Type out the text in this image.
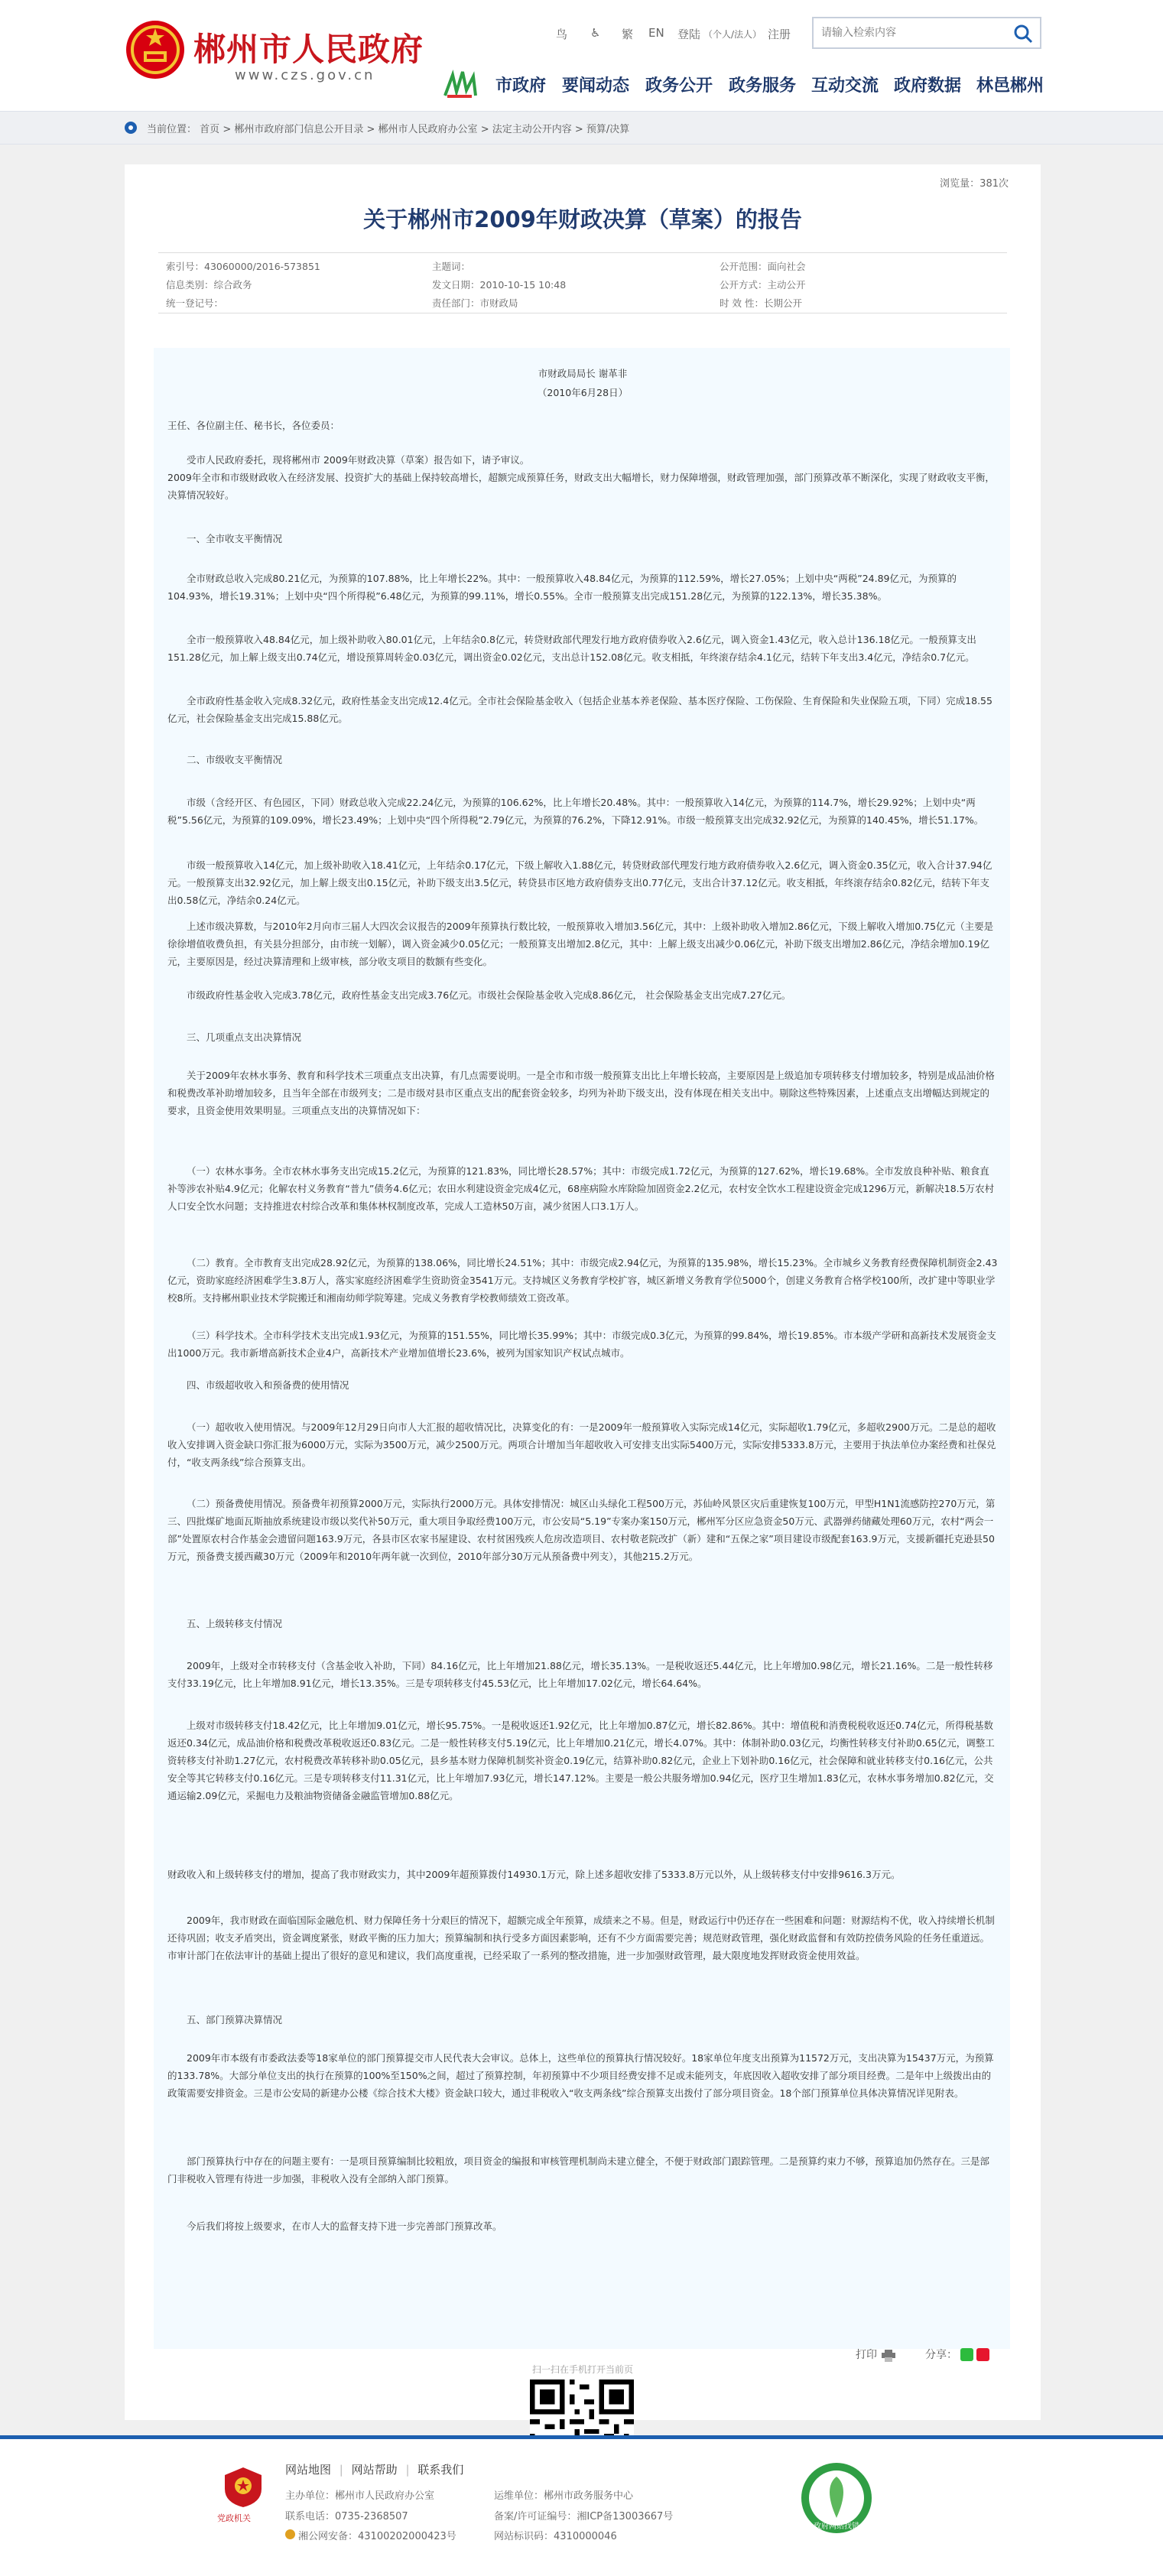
郴州市人民政府
www.czs.gov.cn
⻦ ♿ 繁 EN 登陆 （个人/法人） 注册
请输入检索内容
市政府 要闻动态 政务公开 政务服务 互动交流 政府数据 林邑郴州
当前位置： 首页 > 郴州市政府部门信息公开目录 > 郴州市人民政府办公室 > 法定主动公开内容 > 预算/决算
浏览量：381次
关于郴州市2009年财政决算（草案）的报告
索引号：43060000/2016-573851	主题词：	公开范围：面向社会
信息类别：综合政务	发文日期：2010-10-15 10:48	公开方式：主动公开
统一登记号：	责任部门：市财政局	时 效 性：长期公开
市财政局局长 谢革非
（2010年6月28日）
王任、各位副主任、秘书长，各位委员：
受市人民政府委托，现将郴州市 2009年财政决算（草案）报告如下，请予审议。
2009年全市和市级财政收入在经济发展、投资扩大的基础上保持较高增长，超额完成预算任务，财政支出大幅增长，财力保障增强，财政管理加强，部门预算改革不断深化，实现了财政收支平衡，决算情况较好。
一、全市收支平衡情况
全市财政总收入完成80.21亿元，为预算的107.88%，比上年增长22%。其中：一般预算收入48.84亿元，为预算的112.59%，增长27.05%；上划中央“两税”24.89亿元，为预算的104.93%，增长19.31%；上划中央“四个所得税”6.48亿元，为预算的99.11%，增长0.55%。全市一般预算支出完成151.28亿元，为预算的122.13%，增长35.38%。
全市一般预算收入48.84亿元，加上级补助收入80.01亿元，上年结余0.8亿元，转贷财政部代理发行地方政府债券收入2.6亿元，调入资金1.43亿元，收入总计136.18亿元。一般预算支出151.28亿元，加上解上级支出0.74亿元，增设预算周转金0.03亿元，调出资金0.02亿元，支出总计152.08亿元。收支相抵，年终滚存结余4.1亿元，结转下年支出3.4亿元，净结余0.7亿元。
全市政府性基金收入完成8.32亿元，政府性基金支出完成12.4亿元。全市社会保险基金收入（包括企业基本养老保险、基本医疗保险、工伤保险、生育保险和失业保险五项，下同）完成18.55亿元，社会保险基金支出完成15.88亿元。
二、市级收支平衡情况
市级（含经开区、有色园区，下同）财政总收入完成22.24亿元，为预算的106.62%，比上年增长20.48%。其中：一般预算收入14亿元，为预算的114.7%，增长29.92%；上划中央“两税”5.56亿元，为预算的109.09%，增长23.49%；上划中央“四个所得税”2.79亿元，为预算的76.2%，下降12.91%。市级一般预算支出完成32.92亿元，为预算的140.45%，增长51.17%。
市级一般预算收入14亿元，加上级补助收入18.41亿元，上年结余0.17亿元，下级上解收入1.88亿元，转贷财政部代理发行地方政府债券收入2.6亿元，调入资金0.35亿元，收入合计37.94亿元。一般预算支出32.92亿元，加上解上级支出0.15亿元，补助下级支出3.5亿元，转贷县市区地方政府债券支出0.77亿元，支出合计37.12亿元。收支相抵，年终滚存结余0.82亿元，结转下年支出0.58亿元，净结余0.24亿元。
上述市级决算数，与2010年2月向市三届人大四次会议报告的2009年预算执行数比较，一般预算收入增加3.56亿元，其中：上级补助收入增加2.86亿元，下级上解收入增加0.75亿元（主要是徐徐增值收费负担，有关县分担部分，由市统一划解），调入资金减少0.05亿元；一般预算支出增加2.8亿元，其中：上解上级支出减少0.06亿元，补助下级支出增加2.86亿元，净结余增加0.19亿元，主要原因是，经过决算清理和上级审核，部分收支项目的数额有些变化。
市级政府性基金收入完成3.78亿元，政府性基金支出完成3.76亿元。市级社会保险基金收入完成8.86亿元， 社会保险基金支出完成7.27亿元。
三、几项重点支出决算情况
关于2009年农林水事务、教育和科学技术三项重点支出决算，有几点需要说明。一是全市和市级一般预算支出比上年增长较高，主要原因是上级追加专项转移支付增加较多，特别是成品油价格和税费改革补助增加较多，且当年全部在市级列支；二是市级对县市区重点支出的配套资金较多，均列为补助下级支出，没有体现在相关支出中。剔除这些特殊因素，上述重点支出增幅达到规定的要求，且资金使用效果明显。三项重点支出的决算情况如下：
（一）农林水事务。全市农林水事务支出完成15.2亿元，为预算的121.83%，同比增长28.57%；其中：市级完成1.72亿元，为预算的127.62%，增长19.68%。全市发放良种补贴、粮食直补等涉农补贴4.9亿元；化解农村义务教育“普九”债务4.6亿元；农田水利建设资金完成4亿元，68座病险水库除险加固资金2.2亿元，农村安全饮水工程建设资金完成1296万元，新解决18.5万农村人口安全饮水问题；支持推进农村综合改革和集体林权制度改革，完成人工造林50万亩，减少贫困人口3.1万人。
（二）教育。全市教育支出完成28.92亿元，为预算的138.06%，同比增长24.51%；其中：市级完成2.94亿元，为预算的135.98%，增长15.23%。全市城乡义务教育经费保障机制资金2.43亿元，资助家庭经济困难学生3.8万人，落实家庭经济困难学生资助资金3541万元。支持城区义务教育学校扩容，城区新增义务教育学位5000个，创建义务教育合格学校100所，改扩建中等职业学校8所。支持郴州职业技术学院搬迁和湘南幼师学院筹建。完成义务教育学校教师绩效工资改革。
（三）科学技术。全市科学技术支出完成1.93亿元，为预算的151.55%，同比增长35.99%；其中：市级完成0.3亿元，为预算的99.84%，增长19.85%。市本级产学研和高新技术发展资金支出1000万元。我市新增高新技术企业4户，高新技术产业增加值增长23.6%，被列为国家知识产权试点城市。
四、市级超收收入和预备费的使用情况
（一）超收收入使用情况。与2009年12月29日向市人大汇报的超收情况比，决算变化的有：一是2009年一般预算收入实际完成14亿元，实际超收1.79亿元，多超收2900万元。二是总的超收收入安排调入资金缺口弥汇报为6000万元，实际为3500万元，减少2500万元。两项合计增加当年超收收入可安排支出实际5400万元，实际安排5333.8万元，主要用于执法单位办案经费和社保兑付，“收支两条线”综合预算支出。
（二）预备费使用情况。预备费年初预算2000万元，实际执行2000万元。具体安排情况：城区山头绿化工程500万元，苏仙岭风景区灾后重建恢复100万元，甲型H1N1流感防控270万元，第三、四批煤矿地面瓦斯抽放系统建设市级以奖代补50万元，重大项目争取经费100万元，市公安局“5.19”专案办案150万元，郴州军分区应急资金50万元、武器弹药储藏处理60万元，农村“两会一部”处置原农村合作基金会遗留问题163.9万元，各县市区农家书屋建设、农村贫困残疾人危房改造项目、农村敬老院改扩（新）建和“五保之家”项目建设市级配套163.9万元，支援新疆托克逊县50万元，预备费支援西藏30万元（2009年和2010年两年就一次到位，2010年部分30万元从预备费中列支），其他215.2万元。
五、上级转移支付情况
2009年，上级对全市转移支付（含基金收入补助，下同）84.16亿元，比上年增加21.88亿元，增长35.13%。一是税收返还5.44亿元，比上年增加0.98亿元，增长21.16%。二是一般性转移支付33.19亿元，比上年增加8.91亿元，增长13.35%。三是专项转移支付45.53亿元，比上年增加17.02亿元，增长64.64%。
上级对市级转移支付18.42亿元，比上年增加9.01亿元，增长95.75%。一是税收返还1.92亿元，比上年增加0.87亿元，增长82.86%。其中：增值税和消费税税收返还0.74亿元，所得税基数返还0.34亿元，成品油价格和税费改革税收返还0.83亿元。二是一般性转移支付5.19亿元，比上年增加0.21亿元，增长4.07%。其中：体制补助0.03亿元，均衡性转移支付补助0.65亿元，调整工资转移支付补助1.27亿元，农村税费改革转移补助0.05亿元，县乡基本财力保障机制奖补资金0.19亿元，结算补助0.82亿元，企业上下划补助0.16亿元，社会保障和就业转移支付0.16亿元，公共安全等其它转移支付0.16亿元。三是专项转移支付11.31亿元，比上年增加7.93亿元，增长147.12%。主要是一般公共服务增加0.94亿元，医疗卫生增加1.83亿元，农林水事务增加0.82亿元，交通运输2.09亿元，采掘电力及粮油物资储备金融监管增加0.88亿元。
财政收入和上级转移支付的增加，提高了我市财政实力，其中2009年超预算拨付14930.1万元，除上述多超收安排了5333.8万元以外，从上级转移支付中安排9616.3万元。
2009年，我市财政在面临国际金融危机、财力保障任务十分艰巨的情况下，超额完成全年预算，成绩来之不易。但是，财政运行中仍还存在一些困难和问题：财源结构不优，收入持续增长机制还待巩固；收支矛盾突出，资金调度紧张，财政平衡的压力加大；预算编制和执行受多方面因素影响，还有不少方面需要完善；规范财政管理，强化财政监督和有效防控债务风险的任务任重道远。市审计部门在依法审计的基础上提出了很好的意见和建议，我们高度重视，已经采取了一系列的整改措施，进一步加强财政管理，最大限度地发挥财政资金使用效益。
五、部门预算决算情况
2009年市本级有市委政法委等18家单位的部门预算提交市人民代表大会审议。总体上，这些单位的预算执行情况较好。18家单位年度支出预算为11572万元，支出决算为15437万元，为预算的133.78%。大部分单位支出的执行在预算的100%至150%之间，超过了预算控制，年初预算中不少项目经费安排不足或未能列支，年底因收入超收安排了部分项目经费。二是年中上级拨出由的政策需要安排资金。三是市公安局的新建办公楼《综合技术大楼》资金缺口较大，通过非税收入“收支两条线”综合预算支出拨付了部分项目资金。18个部门预算单位具体决算情况详见附表。
部门预算执行中存在的问题主要有：一是项目预算编制比较粗放，项目资金的编报和审核管理机制尚未建立健全，不便于财政部门跟踪管理。二是预算约束力不够，预算追加仍然存在。三是部门非税收入管理有待进一步加强，非税收入没有全部纳入部门预算。
今后我们将按上级要求，在市人大的监督支持下进一步完善部门预算改革。
扫一扫在手机打开当前页
打印	分享：
党政机关
网站地图 | 网站帮助 | 联系我们
主办单位：郴州市人民政府办公室
联系电话：0735-2368507
湘公网安备：43100202000423号
运维单位：郴州市政务服务中心
备案/许可证编号：湘ICP备13003667号
网站标识码：4310000046
政府网站找错
